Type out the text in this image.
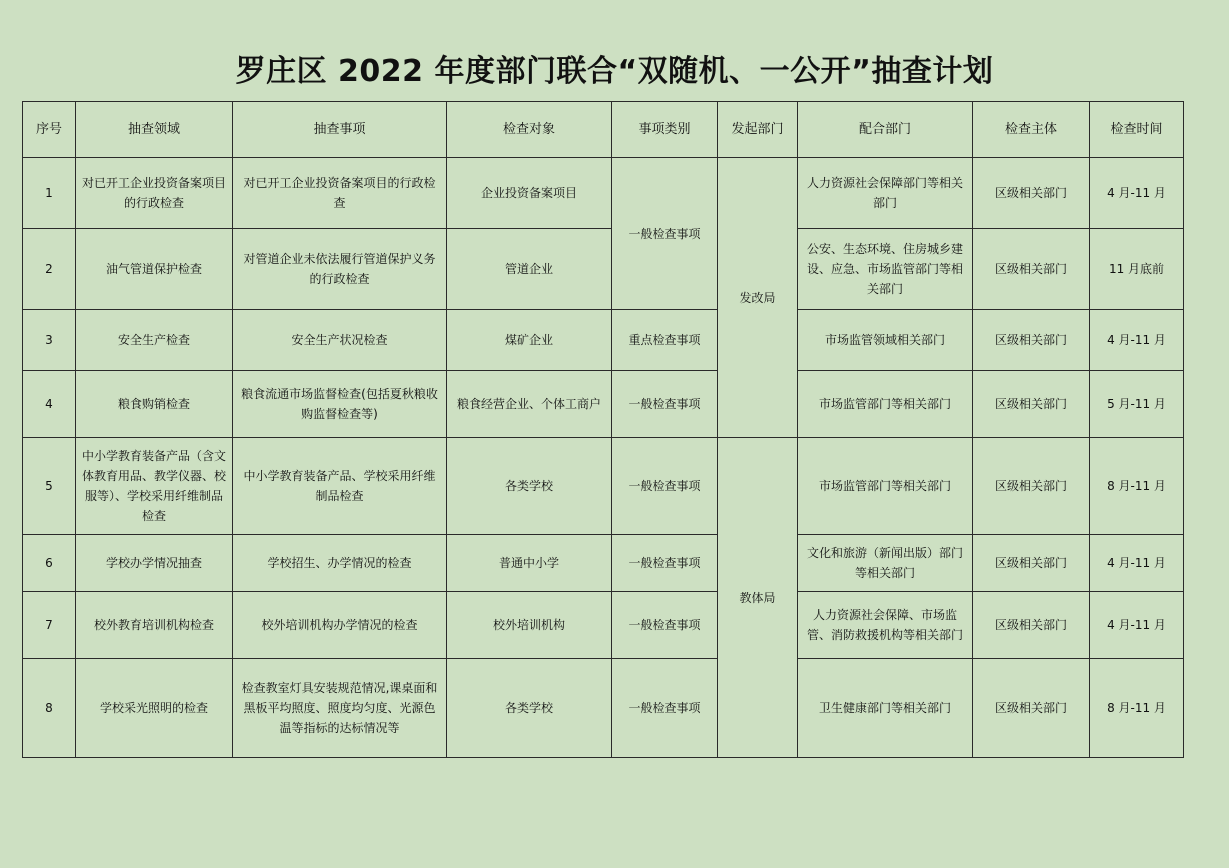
罗庄区 2022 年度部门联合“双随机、一公开”抽查计划
序号	抽查领域	抽查事项	检查对象	事项类别	发起部门	配合部门	检查主体	检查时间
1	对已开工企业投资备案项目的行政检查	对已开工企业投资备案项目的行政检查	企业投资备案项目	一般检查事项	发改局	人力资源社会保障部门等相关部门	区级相关部门	4 月-11 月
2	油气管道保护检查	对管道企业未依法履行管道保护义务的行政检查	管道企业			公安、生态环境、住房城乡建设、应急、市场监管部门等相关部门	区级相关部门	11 月底前
3	安全生产检查	安全生产状况检查	煤矿企业	重点检查事项		市场监管领域相关部门	区级相关部门	4 月-11 月
4	粮食购销检查	粮食流通市场监督检查(包括夏秋粮收购监督检查等)	粮食经营企业、个体工商户	一般检查事项		市场监管部门等相关部门	区级相关部门	5 月-11 月
5	中小学教育装备产品（含文体教育用品、教学仪器、校服等）、学校采用纤维制品检查	中小学教育装备产品、学校采用纤维制品检查	各类学校	一般检查事项	教体局	市场监管部门等相关部门	区级相关部门	8 月-11 月
6	学校办学情况抽查	学校招生、办学情况的检查	普通中小学	一般检查事项		文化和旅游（新闻出版）部门等相关部门	区级相关部门	4 月-11 月
7	校外教育培训机构检查	校外培训机构办学情况的检查	校外培训机构	一般检查事项		人力资源社会保障、市场监管、消防救援机构等相关部门	区级相关部门	4 月-11 月
8	学校采光照明的检查	检查教室灯具安装规范情况,课桌面和黑板平均照度、照度均匀度、光源色温等指标的达标情况等	各类学校	一般检查事项		卫生健康部门等相关部门	区级相关部门	8 月-11 月
